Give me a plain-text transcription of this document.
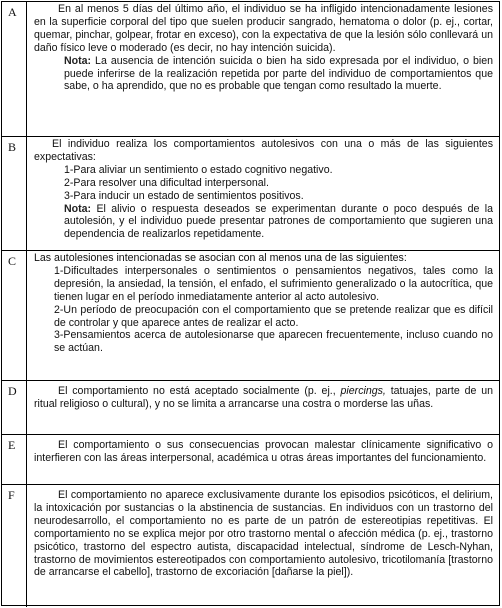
A	En al menos 5 días del último año, el individuo se ha infligido intencionadamente lesiones en la superficie corporal del tipo que suelen producir sangrado, hematoma o dolor (p. ej., cortar, quemar, pinchar, golpear, frotar en exceso), con la expectativa de que la lesión sólo conllevará un daño físico leve o moderado (es decir, no hay intención suicida).

Nota: La ausencia de intención suicida o bien ha sido expresada por el individuo, o bien puede inferirse de la realización repetida por parte del individuo de comportamientos que sabe, o ha aprendido, que no es probable que tengan como resultado la muerte.

B	El individuo realiza los comportamientos autolesivos con una o más de las siguientes expectativas:

1-Para aliviar un sentimiento o estado cognitivo negativo.

2-Para resolver una dificultad interpersonal.

3-Para inducir un estado de sentimientos positivos.

Nota: El alivio o respuesta deseados se experimentan durante o poco después de la autolesión, y el individuo puede presentar patrones de comportamiento que sugieren una dependencia de realizarlos repetidamente.

C	Las autolesiones intencionadas se asocian con al menos una de las siguientes:

1-Dificultades interpersonales o sentimientos o pensamientos negativos, tales como la depresión, la ansiedad, la tensión, el enfado, el sufrimiento generalizado o la autocrítica, que tienen lugar en el período inmediatamente anterior al acto autolesivo.

2-Un período de preocupación con el comportamiento que se pretende realizar que es difícil de controlar y que aparece antes de realizar el acto.

3-Pensamientos acerca de autolesionarse que aparecen frecuentemente, incluso cuando no se actúan.

D	El comportamiento no está aceptado socialmente (p. ej., piercings, tatuajes, parte de un ritual religioso o cultural), y no se limita a arrancarse una costra o morderse las uñas.

E	El comportamiento o sus consecuencias provocan malestar clínicamente significativo o interfieren con las áreas interpersonal, académica u otras áreas importantes del funcionamiento.

F	El comportamiento no aparece exclusivamente durante los episodios psicóticos, el delirium, la intoxicación por sustancias o la abstinencia de sustancias. En individuos con un trastorno del neurodesarrollo, el comportamiento no es parte de un patrón de estereotipias repetitivas. El comportamiento no se explica mejor por otro trastorno mental o afección médica (p. ej., trastorno psicótico, trastorno del espectro autista, discapacidad intelectual, síndrome de Lesch-Nyhan, trastorno de movimientos estereotipados con comportamiento autolesivo, tricotilomanía [trastorno de arrancarse el cabello], trastorno de excoriación [dañarse la piel]).
